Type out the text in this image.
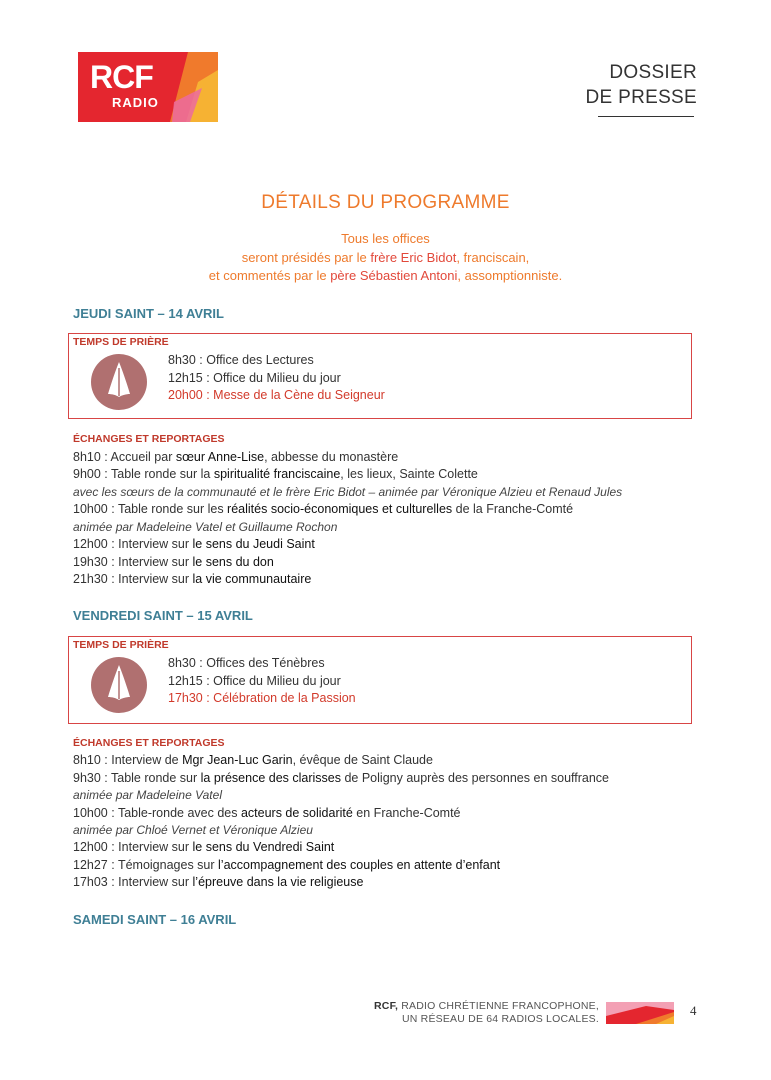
RCF
RADIO
DOSSIER
DE PRESSE
DÉTAILS DU PROGRAMME
Tous les offices
seront présidés par le frère Eric Bidot, franciscain,
et commentés par le père Sébastien Antoni, assomptionniste.
JEUDI SAINT – 14 AVRIL
TEMPS DE PRIÈRE
8h30 : Office des Lectures
12h15 : Office du Milieu du jour
20h00 : Messe de la Cène du Seigneur
ÉCHANGES ET REPORTAGES
8h10 : Accueil par sœur Anne-Lise, abbesse du monastère
9h00 : Table ronde sur la spiritualité franciscaine, les lieux, Sainte Colette
avec les sœurs de la communauté et le frère Eric Bidot – animée par Véronique Alzieu et Renaud Jules
10h00 : Table ronde sur les réalités socio-économiques et culturelles de la Franche-Comté
animée par Madeleine Vatel et Guillaume Rochon
12h00 : Interview sur le sens du Jeudi Saint
19h30 : Interview sur le sens du don
21h30 : Interview sur la vie communautaire
VENDREDI SAINT – 15 AVRIL
TEMPS DE PRIÈRE
8h30 : Offices des Ténèbres
12h15 : Office du Milieu du jour
17h30 : Célébration de la Passion
ÉCHANGES ET REPORTAGES
8h10 : Interview de Mgr Jean-Luc Garin, évêque de Saint Claude
9h30 : Table ronde sur la présence des clarisses de Poligny auprès des personnes en souffrance
animée par Madeleine Vatel
10h00 : Table-ronde avec des acteurs de solidarité en Franche-Comté
animée par Chloé Vernet et Véronique Alzieu
12h00 : Interview sur le sens du Vendredi Saint
12h27 : Témoignages sur l’accompagnement des couples en attente d’enfant
17h03 : Interview sur l’épreuve dans la vie religieuse
SAMEDI SAINT – 16 AVRIL
RCF, RADIO CHRÉTIENNE FRANCOPHONE,
UN RÉSEAU DE 64 RADIOS LOCALES.
4
